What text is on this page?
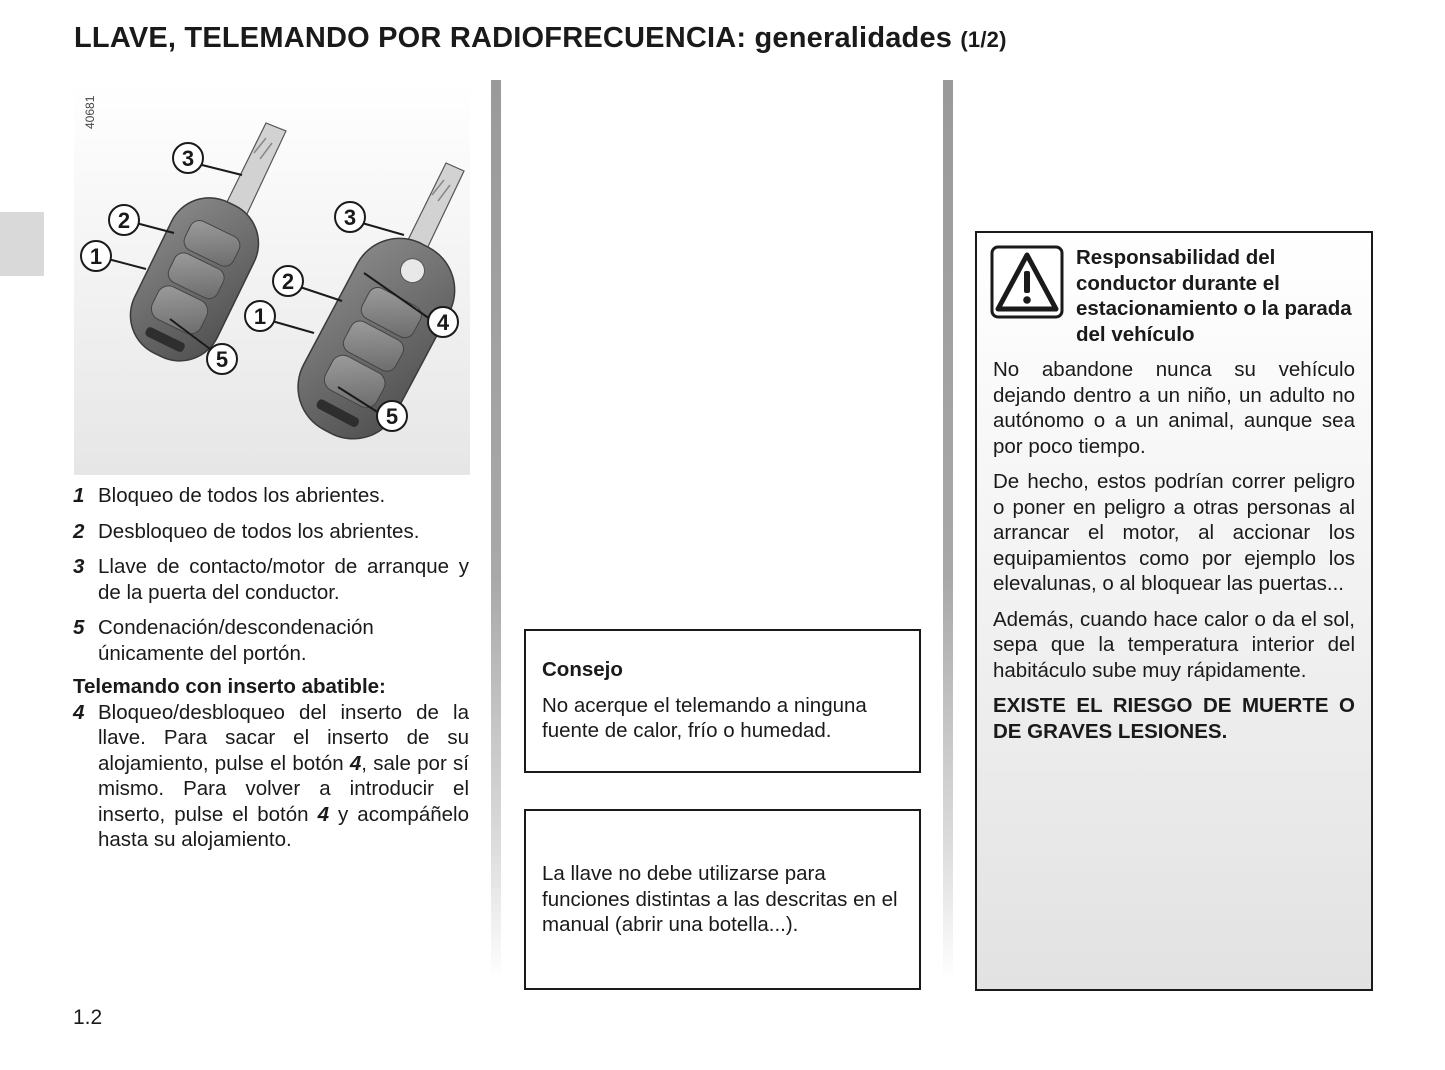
LLAVE, TELEMANDO POR RADIOFRECUENCIA: generalidades (1/2)
3
2
1
5
3
2
1	4
5
40681
1 Bloqueo de todos los abrientes.
2 Desbloqueo de todos los abrientes.
3 Llave de contacto/motor de arranque y de la puerta del conductor.
5 Condenación/descondenación únicamente del portón.
Telemando con inserto abatible:
4 Bloqueo/desbloqueo del inserto de la llave. Para sacar el inserto de su alojamiento, pulse el botón 4, sale por sí mismo. Para volver a introducir el inserto, pulse el botón 4 y acompáñelo hasta su alojamiento.
Consejo
No acerque el telemando a ninguna fuente de calor, frío o humedad.
La llave no debe utilizarse para funciones distintas a las descritas en el manual (abrir una botella...).
Responsabilidad del conductor durante el estacionamiento o la parada del vehículo
No abandone nunca su vehículo dejando dentro a un niño, un adulto no autónomo o a un animal, aunque sea por poco tiempo.
De hecho, estos podrían correr peligro o poner en peligro a otras personas al arrancar el motor, al accionar los equipamientos como por ejemplo los elevalunas, o al bloquear las puertas...
Además, cuando hace calor o da el sol, sepa que la temperatura interior del habitáculo sube muy rápidamente.
EXISTE EL RIESGO DE MUERTE O DE GRAVES LESIONES.
1.2
